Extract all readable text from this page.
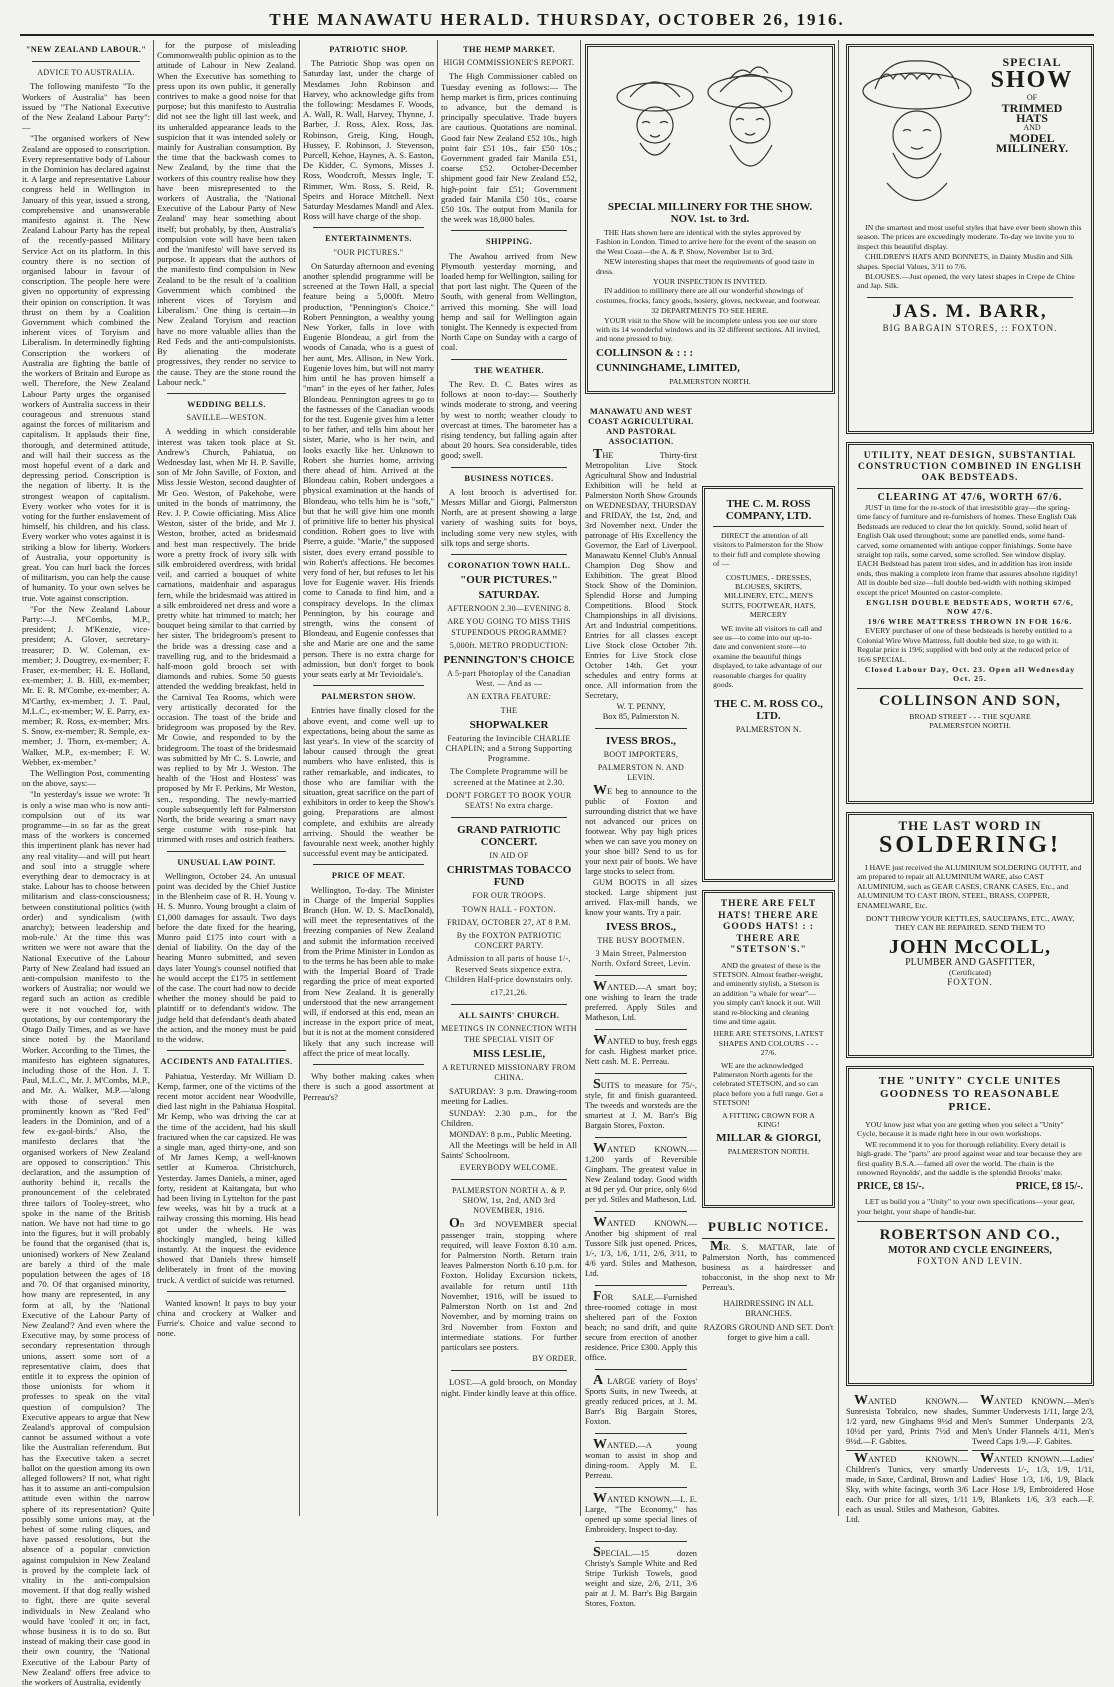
THE MANAWATU HERALD. THURSDAY, OCTOBER 26, 1916.
"NEW ZEALAND LABOUR."
ADVICE TO AUSTRALIA.
The following manifesto "To the Workers of Australia" has been issued by "The National Executive of the New Zealand Labour Party":—
"The organised workers of New Zealand are opposed to conscription. Every representative body of Labour in the Dominion has declared against it. A large and representative Labour congress held in Wellington in January of this year, issued a strong, comprehensive and unanswerable manifesto against it. The New Zealand Labour Party has the repeal of the recently-passed Military Service Act on its platform. In this country there is no section of organised labour in favour of conscription. The people here were given no opportunity of expressing their opinion on conscription. It was thrust on them by a Coalition Government which combined the inherent vices of Toryism and Liberalism. In determinedly fighting Conscription the workers of Australia are fighting the battle of the workers of Britain and Europe as well. Therefore, the New Zealand Labour Party urges the organised workers of Australia success in their courageous and strenuous stand against the forces of militarism and capitalism. It applauds their fine, thorough, and determined attitude, and will hail their success as the most hopeful event of a dark and depressing period. Conscription is the negation of liberty. It is the strongest weapon of capitalism. Every worker who votes for it is voting for the further enslavement of himself, his children, and his class. Every worker who votes against it is striking a blow for liberty. Workers of Australia, your opportunity is great. You can hurl back the forces of militarism, you can help the cause of humanity. To your own selves be true. Vote against conscription.
"For the New Zealand Labour Party:—J. M'Combs, M.P., president; J. M'Kenzie, vice-president; A. Glover, secretary-treasurer; D. W. Coleman, ex-member; J. Dougtrey, ex-member; F. Fraser, ex-member; H. E. Holland, ex-member; J. B. Hill, ex-member; Mr. E. R. M'Combe, ex-member; A. M'Carthy, ex-member; J. T. Paul, M.L.C., ex-member; W. E. Parry, ex-member; R. Ross, ex-member; Mrs. S. Snow, ex-member; R. Semple, ex-member; J. Thorn, ex-member; A. Walker, M.P., ex-member; F. W. Webber, ex-member."
The Wellington Post, commenting on the above, says:—
"In yesterday's issue we wrote: 'It is only a wise man who is now anti-compulsion out of its war programme—in so far as the great mass of the workers is concerned this impertinent plank has never had any real vitality—and will put heart and soul into a struggle where everything dear to democracy is at stake. Labour has to choose between militarism and class-consciousness; between constitutional politics (with order) and syndicalism (with anarchy); between leadership and mob-rule.' At the time this was written we were not aware that the National Executive of the Labour Party of New Zealand had issued an anti-compulsion manifesto to the workers of Australia; nor would we regard such an action as credible were it not vouched for, with quotations, by our contemporary the Otago Daily Times, and as we have since noted by the Maoriland Worker. According to the Times, the manifesto has eighteen signatures, including those of the Hon. J. T. Paul, M.L.C., Mr. J. M'Combs, M.P., and Mr. A. Walker, M.P.—'along with those of several men prominently known as "Red Fed" leaders in the Dominion, and of a few ex-gaol-birds.' Also, the manifesto declares that 'the organised workers of New Zealand are opposed to conscription.' This declaration, and the assumption of authority behind it, recalls the pronouncement of the celebrated three tailors of Tooley-street, who spoke in the name of the British nation. We have not had time to go into the figures, but it will probably be found that the organised (that is, unionised) workers of New Zealand are barely a third of the male population between the ages of 18 and 70. Of that organised minority, how many are represented, in any form at all, by the 'National Executive of the Labour Party of New Zealand'? And even where the Executive may, by some process of secondary representation through unions, assert some sort of a representative claim, does that entitle it to express the opinion of those unionists for whom it professes to speak on the vital question of compulsion? The Executive appears to argue that New Zealand's approval of compulsion cannot be assumed without a vote like the Australian referendum. But has the Executive taken a secret ballot on the question among its own alleged followers? If not, what right has it to assume an anti-compulsion attitude even within the narrow sphere of its representation? Quite possibly some unions may, at the behest of some ruling cliques, and have passed resolutions, but the absence of a popular conviction against compulsion in New Zealand is proved by the complete lack of vitality in the anti-compulsion movement. If that dog really wished to fight, there are quite several individuals in New Zealand who would have 'cooled' it on; in fact, whose business it is to do so. But instead of making their case good in their own country, the 'National Executive of the Labour Party of New Zealand' offers free advice to the workers of Australia, evidently
for the purpose of misleading Commonwealth public opinion as to the attitude of Labour in New Zealand. When the Executive has something to press upon its own public, it generally contrives to make a good noise for that purpose; but this manifesto to Australia did not see the light till last week, and its unheralded appearance leads to the suspicion that it was intended solely or mainly for Australian consumption. By the time that the backwash comes to New Zealand, by the time that the workers of this country realise how they have been misrepresented to the workers of Australia, the 'National Executive of the Labour Party of New Zealand' may hear something about itself; but probably, by then, Australia's compulsion vote will have been taken and the 'manifesto' will have served its purpose. It appears that the authors of the manifesto find compulsion in New Zealand to be the result of 'a coalition Government which combined the inherent vices of Toryism and Liberalism.' One thing is certain—in New Zealand Toryism and reaction have no more valuable allies than the Red Feds and the anti-compulsionists. By alienating the moderate progressives, they render no service to the cause. They are the stone round the Labour neck."
WEDDING BELLS.
SAVILLE—WESTON.
A wedding in which considerable interest was taken took place at St. Andrew's Church, Pahiatua, on Wednesday last, when Mr H. P. Saville, son of Mr John Saville, of Foxton, and Miss Jessie Weston, second daughter of Mr Geo. Weston, of Pakehohe, were united in the bonds of matrimony, the Rev. J. P. Cowie officiating. Miss Alice Weston, sister of the bride, and Mr J. Weston, brother, acted as bridesmaid and best man respectively. The bride wore a pretty frock of ivory silk with silk embroidered overdress, with bridal veil, and carried a bouquet of white carnations, maidenhair and asparagus fern, while the bridesmaid was attired in a silk embroidered net dress and wore a pretty white hat trimmed to match; her bouquet being similar to that carried by her sister. The bridegroom's present to the bride was a dressing case and a travelling rug, and to the bridesmaid a half-moon gold brooch set with diamonds and rubies. Some 50 guests attended the wedding breakfast, held in the Carnival Tea Rooms, which were very artistically decorated for the occasion. The toast of the bride and bridegroom was proposed by the Rev. Mr Cowie, and responded to by the bridegroom. The toast of the bridesmaid was submitted by Mr C. S. Lowrie, and was replied to by Mr J. Weston. The health of the 'Host and Hostess' was proposed by Mr F. Perkins, Mr Weston, sen., responding. The newly-married couple subsequently left for Palmerston North, the bride wearing a smart navy serge costume with rose-pink hat trimmed with roses and ostrich feathers.
UNUSUAL LAW POINT.
Wellington, October 24. An unusual point was decided by the Chief Justice in the Blenheim case of R. H. Young v. H. S. Munro. Young brought a claim of £1,000 damages for assault. Two days before the date fixed for the hearing, Munro paid £175 into court with a denial of liability. On the day of the hearing Munro submitted, and seven days later Young's counsel notified that he would accept the £175 in settlement of the case. The court had now to decide whether the money should be paid to plaintiff or to defendant's widow. The judge held that defendant's death abated the action, and the money must be paid to the widow.
ACCIDENTS AND FATALITIES.
Pahiatua, Yesterday. Mr William D. Kemp, farmer, one of the victims of the recent motor accident near Woodville, died last night in the Pahiatua Hospital. Mr Kemp, who was driving the car at the time of the accident, had his skull fractured when the car capsized. He was a single man, aged thirty-one, and son of Mr James Kemp, a well-known settler at Kumeroa. Christchurch, Yesterday. James Daniels, a miner, aged forty, resident at Kaitangata, but who had been living in Lyttelton for the past few weeks, was hit by a truck at a railway crossing this morning. His head got under the wheels. He was shockingly mangled, being killed instantly. At the inquest the evidence showed that Daniels threw himself deliberately in front of the moving truck. A verdict of suicide was returned.
Wanted known! It pays to buy your china and crockery at Walker and Furrie's. Choice and value second to none.
PATRIOTIC SHOP.
The Patriotic Shop was open on Saturday last, under the charge of Mesdames John Robinson and Harvey, who acknowledge gifts from the following: Mesdames F. Woods, A. Wall, R. Wall, Harvey, Thynne, J. Barber, J. Ross, Alex. Ross, Jas. Robinson, Greig, King, Hough, Hussey, F. Robinson, J. Stevenson, Purcell, Kehoe, Haynes, A. S. Easton, De Kidder, C. Symons, Misses J. Ross, Woodcroft, Messrs Ingle, T. Rimmer, Wm. Ross, S. Reid, R. Speirs and Horace Mitchell. Next Saturday Mesdames Mandl and Alex. Ross will have charge of the shop.
ENTERTAINMENTS.
"OUR PICTURES."
On Saturday afternoon and evening another splendid programme will be screened at the Town Hall, a special feature being a 5,000ft. Metro production, "Pennington's Choice." Robert Pennington, a wealthy young New Yorker, falls in love with Eugenie Blondeau, a girl from the woods of Canada, who is a guest of her aunt, Mrs. Allison, in New York. Eugenie loves him, but will not marry him until he has proven himself a "man" in the eyes of her father, Jules Blondeau. Pennington agrees to go to the fastnesses of the Canadian woods for the test. Eugenie gives him a letter to her father, and tells him about her sister, Marie, who is her twin, and looks exactly like her. Unknown to Robert she hurries home, arriving there ahead of him. Arrived at the Blondeau cabin, Robert undergoes a physical examination at the hands of Blondeau, who tells him he is "soft," but that he will give him one month of primitive life to better his physical condition. Robert goes to live with Pierre, a guide. "Marie," the supposed sister, does every errand possible to win Robert's affections. He becomes very fond of her, but refuses to let his love for Eugenie waver. His friends come to Canada to find him, and a conspiracy develops. In the climax Pennington, by his courage and strength, wins the consent of Blondeau, and Eugenie confesses that she and Marie are one and the same person. There is no extra charge for admission, but don't forget to book your seats early at Mr Tevioidale's.
PALMERSTON SHOW.
Entries have finally closed for the above event, and come well up to expectations, being about the same as last year's. In view of the scarcity of labour caused through the great numbers who have enlisted, this is rather remarkable, and indicates, to those who are familiar with the situation, great sacrifice on the part of exhibitors in order to keep the Show's going. Preparations are almost complete, and exhibits are already arriving. Should the weather be favourable next week, another highly successful event may be anticipated.
PRICE OF MEAT.
Wellington, To-day. The Minister in Charge of the Imperial Supplies Branch (Hon. W. D. S. MacDonald), will meet the representatives of the freezing companies of New Zealand and submit the information received from the Prime Minister in London as to the terms he has been able to make with the Imperial Board of Trade regarding the price of meat exported from New Zealand. It is generally understood that the new arrangement will, if endorsed at this end, mean an increase in the export price of meat, but it is not at the moment considered likely that any such increase will affect the price of meat locally.
Why bother making cakes when there is such a good assortment at Perreau's?
THE HEMP MARKET.
HIGH COMMISSIONER'S REPORT.
The High Commissioner cabled on Tuesday evening as follows:— The hemp market is firm, prices continuing to advance, but the demand is principally speculative. Trade buyers are cautious. Quotations are nominal. Good fair New Zealand £52 10s., high point fair £51 10s., fair £50 10s.; Government graded fair Manila £51, coarse £52. October-December shipment good fair New Zealand £52, high-point fair £51; Government graded fair Manila £50 10s., coarse £50 10s. The output from Manila for the week was 18,000 bales.
SHIPPING.
The Awahou arrived from New Plymouth yesterday morning, and loaded hemp for Wellington, sailing for that port last night. The Queen of the South, with general from Wellington, arrived this morning. She will load hemp and sail for Wellington again tonight. The Kennedy is expected from North Cape on Sunday with a cargo of coal.
THE WEATHER.
The Rev. D. C. Bates wires as follows at noon to-day:— Southerly winds moderate to strong, and veering by west to north; weather cloudy to overcast at times. The barometer has a rising tendency, but falling again after about 20 hours. Sea considerable, tides good; swell.
BUSINESS NOTICES.
A lost brooch is advertised for. Messrs Millar and Giorgi, Palmerston North, are at present showing a large variety of washing suits for boys, including some very new styles, with silk tops and serge shorts.
CORONATION TOWN HALL.
"OUR PICTURES."
SATURDAY.
AFTERNOON 2.30—EVENING 8.
ARE YOU GOING TO MISS THIS STUPENDOUS PROGRAMME?
5,000ft. METRO PRODUCTION:
PENNINGTON'S CHOICE
A 5-part Photoplay of the Canadian West. — And as —
AN EXTRA FEATURE:
THE
SHOPWALKER
Featuring the Invincible CHARLIE CHAPLIN; and a Strong Supporting Programme.
The Complete Programme will be screened at the Matinee at 2.30.
DON'T FORGET TO BOOK YOUR SEATS! No extra charge.
GRAND PATRIOTIC CONCERT.
IN AID OF
CHRISTMAS TOBACCO FUND
FOR OUR TROOPS.
TOWN HALL - FOXTON.
FRIDAY, OCTOBER 27, AT 8 P.M.
By the FOXTON PATRIOTIC CONCERT PARTY.
Admission to all parts of house 1/-, Reserved Seats sixpence extra. Children Half-price downstairs only.
c17,21,26.
ALL SAINTS' CHURCH.
MEETINGS IN CONNECTION WITH THE SPECIAL VISIT OF
MISS LESLIE,
A RETURNED MISSIONARY FROM CHINA.
SATURDAY: 3 p.m. Drawing-room meeting for Ladies.
SUNDAY: 2.30 p.m., for the Children.
MONDAY: 8 p.m., Public Meeting.
All the Meetings will be held in All Saints' Schoolroom.
EVERYBODY WELCOME.
PALMERSTON NORTH A. & P. SHOW, 1st, 2nd, AND 3rd NOVEMBER, 1916.
On 3rd NOVEMBER special passenger train, stopping where required, will leave Foxton 8.10 a.m. for Palmerston North. Return train leaves Palmerston North 6.10 p.m. for Foxton. Holiday Excursion tickets, available for return until 11th November, 1916, will be issued to Palmerston North on 1st and 2nd November, and by morning trains on 3rd November from Foxton and intermediate stations. For further particulars see posters.
BY ORDER.
LOST.—A gold brooch, on Monday night. Finder kindly leave at this office.
SPECIAL MILLINERY FOR THE SHOW. NOV. 1st. to 3rd.
THE Hats shown here are identical with the styles approved by Fashion in London. Timed to arrive here for the event of the season on the West Coast—the A. & P. Show, November 1st to 3rd.
NEW interesting shapes that meet the requirements of good taste in dress.
YOUR INSPECTION IS INVITED.
IN addition to millinery there are all our wonderful showings of costumes, frocks, fancy goods, hosiery, gloves, neckwear, and footwear.
32 DEPARTMENTS TO SEE HERE.
YOUR visit to the Show will be incomplete unless you see our store with its 14 wonderful windows and its 32 different sections. All invited, and none pressed to buy.
COLLINSON & : : :
CUNNINGHAME, LIMITED,
PALMERSTON NORTH.
SPECIAL
SHOW
OF
TRIMMED
HATS
AND
MODEL
MILLINERY.
IN the smartest and most useful styles that have ever been shown this season. The prices are exceedingly moderate. To-day we invite you to inspect this beautiful display.
CHILDREN'S HATS AND BONNETS, in Dainty Muslin and Silk shapes. Special Values, 3/11 to 7/6.
BLOUSES.—Just opened, the very latest shapes in Crepe de Chine and Jap. Silk.
JAS. M. BARR,
BIG BARGAIN STORES, :: FOXTON.
UTILITY, NEAT DESIGN, SUBSTANTIAL CONSTRUCTION COMBINED IN ENGLISH OAK BEDSTEADS.
CLEARING AT 47/6, WORTH 67/6.
JUST in time for the re-stock of that irresistible gray—the spring-time fancy of furniture and re-furnishers of homes. These English Oak Bedsteads are reduced to clear the lot quickly. Sound, solid heart of English Oak used throughout; some are panelled ends, some hand-carved, some ornamented with antique copper finishings. Some have straight top rails, some carved, some scrolled. See window display. EACH Bedstead has patent iron sides, and in addition has iron inside ends, thus making a complete iron frame that assures absolute rigidity! All in double bed size—full double bed-width with nothing skimped except the price! Mounted on castor-complete.
ENGLISH DOUBLE BEDSTEADS, WORTH 67/6, NOW 47/6.
19/6 WIRE MATTRESS THROWN IN FOR 16/6.
EVERY purchaser of one of these bedsteads is hereby entitled to a Colonial Wire Wove Mattress, full double bed size, to go with it. Regular price is 19/6; supplied with bed only at the reduced price of 16/6 SPECIAL.
Closed Labour Day, Oct. 23. Open all Wednesday Oct. 25.
COLLINSON AND SON,
BROAD STREET - - - THE SQUARE
PALMERSTON NORTH.
THE LAST WORD IN
SOLDERING!
I HAVE just received the ALUMINIUM SOLDERING OUTFIT, and am prepared to repair all ALUMINIUM WARE, also CAST ALUMINIUM, such as GEAR CASES, CRANK CASES, Etc., and ALUMINIUM TO CAST IRON, STEEL, BRASS, COPPER, ENAMELWARE, Etc.
DON'T THROW YOUR KETTLES, SAUCEPANS, ETC., AWAY, THEY CAN BE REPAIRED. SEND THEM TO
JOHN McCOLL,
PLUMBER AND GASFITTER,
(Certificated)
FOXTON.
THE "UNITY" CYCLE UNITES GOODNESS TO REASONABLE PRICE.
YOU know just what you are getting when you select a "Unity" Cycle, because it is made right here in our own workshops.
WE recommend it to you for thorough reliability. Every detail is high-grade. The "parts" are proof against wear and tear because they are first quality B.S.A.—famed all over the world. The chain is the renowned Reynolds', and the saddle is the splendid Brooks' make.
PRICE, £8 15/-.	PRICE, £8 15/-.
LET us build you a "Unity" to your own specifications—your gear, your height, your shape of handle-bar.
ROBERTSON AND CO.,
MOTOR AND CYCLE ENGINEERS,
FOXTON AND LEVIN.
MANAWATU AND WEST COAST AGRICULTURAL AND PASTORAL ASSOCIATION.
THE Thirty-first Metropolitan Live Stock Agricultural Show and Industrial Exhibition will be held at Palmerston North Show Grounds on WEDNESDAY, THURSDAY and FRIDAY, the 1st, 2nd, and 3rd November next. Under the patronage of His Excellency the Governor, the Earl of Liverpool. Manawatu Kennel Club's Annual Champion Dog Show and Exhibition. The great Blood Stock Show of the Dominion. Splendid Horse and Jumping Competitions. Blood Stock Championships in all divisions. Art and Industrial competitions. Entries for all classes except Live Stock close October 7th. Entries for Live Stock close October 14th. Get your schedules and entry forms at once. All information from the Secretary,
W. T. PENNY,
Box 85, Palmerston N.
IVESS BROS.,
BOOT IMPORTERS,
PALMERSTON N. AND LEVIN.
WE beg to announce to the public of Foxton and surrounding district that we have not advanced our prices on footwear. Why pay high prices when we can save you money on your shoe bill? Send to us for your next pair of boots. We have large stocks to select from.
GUM BOOTS in all sizes stocked. Large shipment just arrived. Flax-mill hands, we know your wants. Try a pair.
IVESS BROS.,
THE BUSY BOOTMEN.
3 Main Street, Palmerston North. Oxford Street, Levin.
WANTED.—A smart boy; one wishing to learn the trade preferred. Apply Stiles and Matheson, Ltd.
WANTED to buy, fresh eggs for cash. Highest market price. Nett cash. M. E. Perreau.
SUITS to measure for 75/-, style, fit and finish guaranteed. The tweeds and worsteds are the smartest at J. M. Barr's Big Bargain Stores, Foxton.
WANTED KNOWN.—1,200 yards of Reversible Gingham. The greatest value in New Zealand today. Good width at 9d per yd. Our price, only 6½d per yd. Stiles and Matheson, Ltd.
WANTED KNOWN.—Another big shipment of real Tussore Silk just opened. Prices, 1/-, 1/3, 1/6, 1/11, 2/6, 3/11, to 4/6 yard. Stiles and Matheson, Ltd.
FOR SALE.—Furnished three-roomed cottage in most sheltered part of the Foxton beach; no sand drift, and quite secure from erection of another residence. Price £300. Apply this office.
A LARGE variety of Boys' Sports Suits, in new Tweeds, at greatly reduced prices, at J. M. Barr's Big Bargain Stores, Foxton.
WANTED.—A young woman to assist in shop and dining-room. Apply M. E. Perreau.
WANTED KNOWN.—L. E. Large, "The Economy," has opened up some special lines of Embroidery. Inspect to-day.
SPECIAL.—15 dozen Christy's Sample White and Red Stripe Turkish Towels, good weight and size, 2/6, 2/11, 3/6 pair at J. M. Barr's Big Bargain Stores, Foxton.
THE C. M. ROSS COMPANY, LTD.
DIRECT the attention of all visitors to Palmerston for the Show to their full and complete showing of —
COSTUMES, - DRESSES, BLOUSES, SKIRTS, MILLINERY, ETC., MEN'S SUITS, FOOTWEAR, HATS, MERCERY
WE invite all visitors to call and see us—to come into our up-to-date and convenient store—to examine the beautiful things displayed, to take advantage of our reasonable charges for quality goods.
THE C. M. ROSS CO., LTD.
PALMERSTON N.
THERE ARE FELT HATS! THERE ARE GOODS HATS! : : THERE ARE "STETSON'S."
AND the greatest of these is the STETSON. Almost feather-weight, and eminently stylish, a Stetson is an addition "a whale for wear"—you simply can't knock it out. Will stand re-blocking and cleaning time and time again.
HERE ARE STETSONS, LATEST SHAPES AND COLOURS - - - 27/6.
WE are the acknowledged Palmerston North agents for the celebrated STETSON, and so can place before you a full range. Get a STETSON!
A FITTING CROWN FOR A KING!
MILLAR & GIORGI,
PALMERSTON NORTH.
PUBLIC NOTICE.
MR. S. MATTAR, late of Palmerston North, has commenced business as a hairdresser and tobacconist, in the shop next to Mr Perreau's.
HAIRDRESSING IN ALL BRANCHES.
RAZORS GROUND AND SET. Don't forget to give him a call.
WANTED KNOWN.—Sunresista Tobralco, new shades, 1/2 yard, new Ginghams 9½d and 10½d per yard, Prints 7½d and 9½d.—F. Gabites.
WANTED KNOWN.— Children's Tunics, very smartly made, in Saxe, Cardinal, Brown and Sky, with white facings, worth 3/6 each. Our price for all sizes, 1/11 each as usual. Stiles and Matheson, Ltd.
WANTED KNOWN.—Men's Summer Undervests 1/11, large 2/3, Men's Summer Underpants 2/3, Men's Under Flannels 4/11, Men's Tweed Caps 1/9.—F. Gabites.
WANTED KNOWN.—Ladies' Undervests 1/-, 1/3, 1/9, 1/11, Ladies' Hose 1/3, 1/6, 1/9, Black Lace Hose 1/9, Embroidered Hose 1/9, Blankets 1/6, 3/3 each.—F. Gabites.
